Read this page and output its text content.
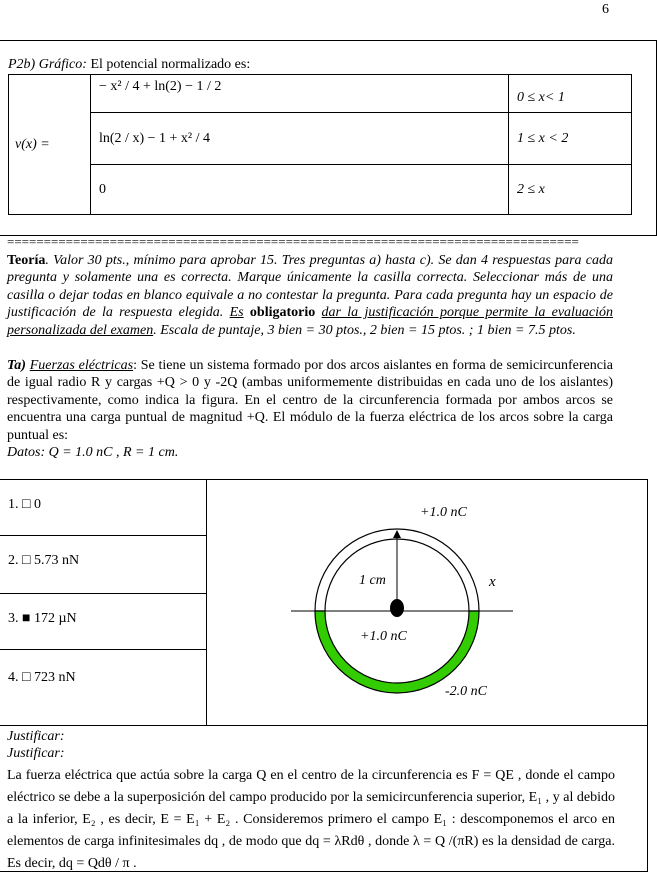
6
P2b) Gráfico: El potencial normalizado es:
v(x) =	− x² / 4 + ln(2) − 1 / 2	0 ≤ x< 1
	ln(2 / x) − 1 + x² / 4	1 ≤ x < 2
	0	2 ≤ x
==============================================================================
Teoría. Valor 30 pts., mínimo para aprobar 15. Tres preguntas a) hasta c). Se dan 4 respuestas para cada pregunta y solamente una es correcta. Marque únicamente la casilla correcta. Seleccionar más de una casilla o dejar todas en blanco equivale a no contestar la pregunta. Para cada pregunta hay un espacio de justificación de la respuesta elegida. Es obligatorio dar la justificación porque permite la evaluación personalizada del examen. Escala de puntaje, 3 bien = 30 ptos., 2 bien = 15 ptos. ; 1 bien = 7.5 ptos.
Ta) Fuerzas eléctricas: Se tiene un sistema formado por dos arcos aislantes en forma de semicircunferencia de igual radio R y cargas +Q > 0 y -2Q (ambas uniformemente distribuidas en cada uno de los aislantes) respectivamente, como indica la figura. En el centro de la circunferencia formada por ambos arcos se encuentra una carga puntual de magnitud +Q. El módulo de la fuerza eléctrica de los arcos sobre la carga puntual es:
Datos: Q = 1.0 nC , R = 1 cm.
1. □ 0
2. □ 5.73 nN
3. ■ 172 µN
4. □ 723 nN
+1.0 nC
1 cm	x
+1.0 nC
-2.0 nC
Justificar:
Justificar:
La fuerza eléctrica que actúa sobre la carga Q en el centro de la circunferencia es F = QE , donde el campo eléctrico se debe a la superposición del campo producido por la semicircunferencia superior, E₁ , y al debido a la inferior, E₂ , es decir, E = E₁ + E₂ . Consideremos primero el campo E₁ : descomponemos el arco en elementos de carga infinitesimales dq , de modo que dq = λRdθ , donde λ = Q /(πR) es la densidad de carga. Es decir, dq = Qdθ / π .
